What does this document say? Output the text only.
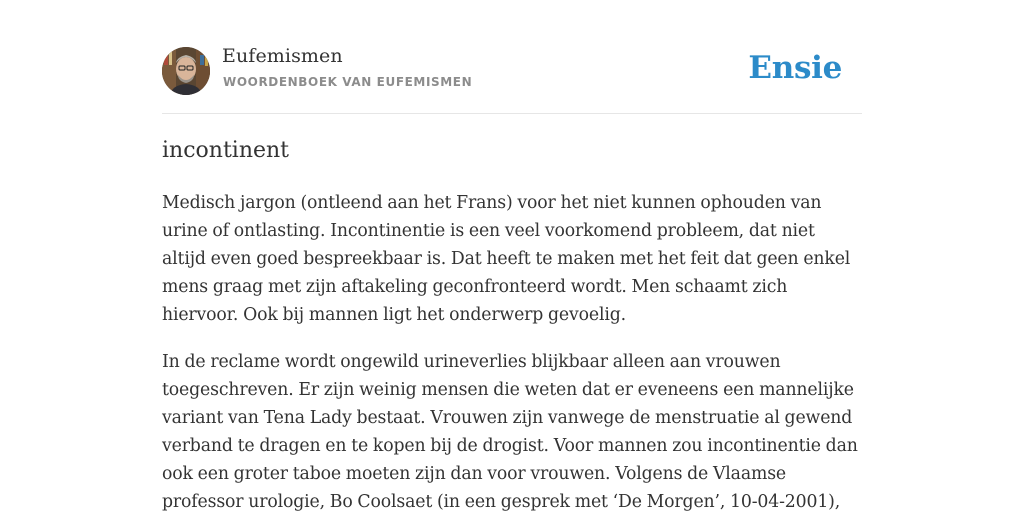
Eufemismen
WOORDENBOEK VAN EUFEMISMEN	Ensie
incontinent

Medisch jargon (ontleend aan het Frans) voor het niet kunnen ophouden van urine of ontlasting. Incontinentie is een veel voorkomend probleem, dat niet altijd even goed bespreekbaar is. Dat heeft te maken met het feit dat geen enkel mens graag met zijn aftakeling geconfronteerd wordt. Men schaamt zich hiervoor. Ook bij mannen ligt het onderwerp gevoelig.

In de reclame wordt ongewild urineverlies blijkbaar alleen aan vrouwen toegeschreven. Er zijn weinig mensen die weten dat er eveneens een mannelijke variant van Tena Lady bestaat. Vrouwen zijn vanwege de menstruatie al gewend verband te dragen en te kopen bij de drogist. Voor mannen zou incontinentie dan ook een groter taboe moeten zijn dan voor vrouwen. Volgens de Vlaamse professor urologie, Bo Coolsaet (in een gesprek met ‘De Morgen’, 10-04-2001),
